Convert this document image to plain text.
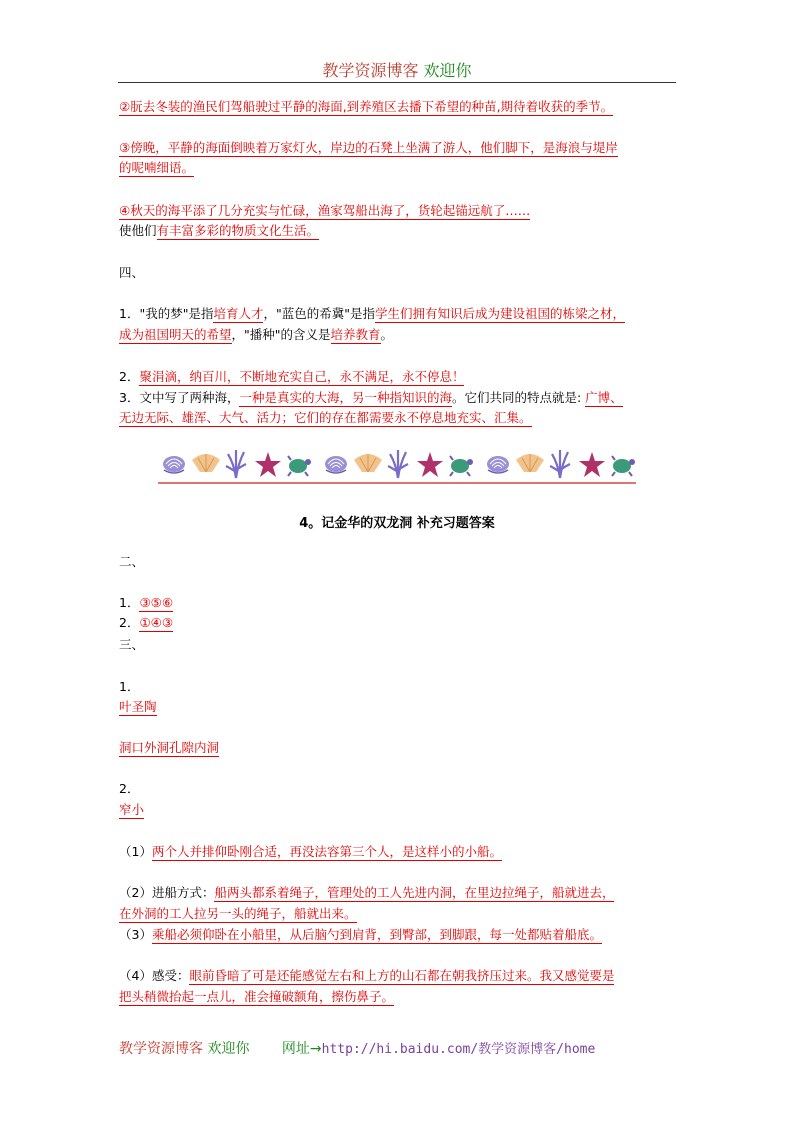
教学资源博客 欢迎你
②朊去冬装的渔民们驾船驶过平静的海面,到养殖区去播下希望的种苗,期待着收获的季节。
③傍晚，平静的海面倒映着万家灯火，岸边的石凳上坐满了游人，他们脚下，是海浪与堤岸
的呢喃细语。
④秋天的海平添了几分充实与忙碌，渔家驾船出海了，货轮起锚远航了……
使他们有丰富多彩的物质文化生活。
四、
1．"我的梦"是指培育人才，"蓝色的希冀"是指学生们拥有知识后成为建设祖国的栋梁之材，
成为祖国明天的希望，"播种"的含义是培养教育。
2．聚涓滴，纳百川，不断地充实自己，永不满足，永不停息！
3．文中写了两种海，一种是真实的大海，另一种指知识的海。它们共同的特点就是: 广博、
无边无际、雄浑、大气、活力；它们的存在都需要永不停息地充实、汇集。
4。记金华的双龙洞 补充习题答案
二、
1．③⑤⑥
2．①④③
三、
1．
叶圣陶
洞口外洞孔隙内洞
2．
窄小
（1）两个人并排仰卧刚合适，再没法容第三个人，是这样小的小船。
（2）进船方式：船两头都系着绳子，管理处的工人先进内洞，在里边拉绳子，船就进去，
在外洞的工人拉另一头的绳子，船就出来。
（3）乘船必须仰卧在小船里，从后脑勺到肩背，到臀部，到脚跟，每一处都贴着船底。
（4）感受：眼前昏暗了可是还能感觉左右和上方的山石都在朝我挤压过来。我又感觉要是
把头稍微抬起一点儿，准会撞破额角，擦伤鼻子。
教学资源博客 欢迎你 网址→http://hi.baidu.com/教学资源博客/home
